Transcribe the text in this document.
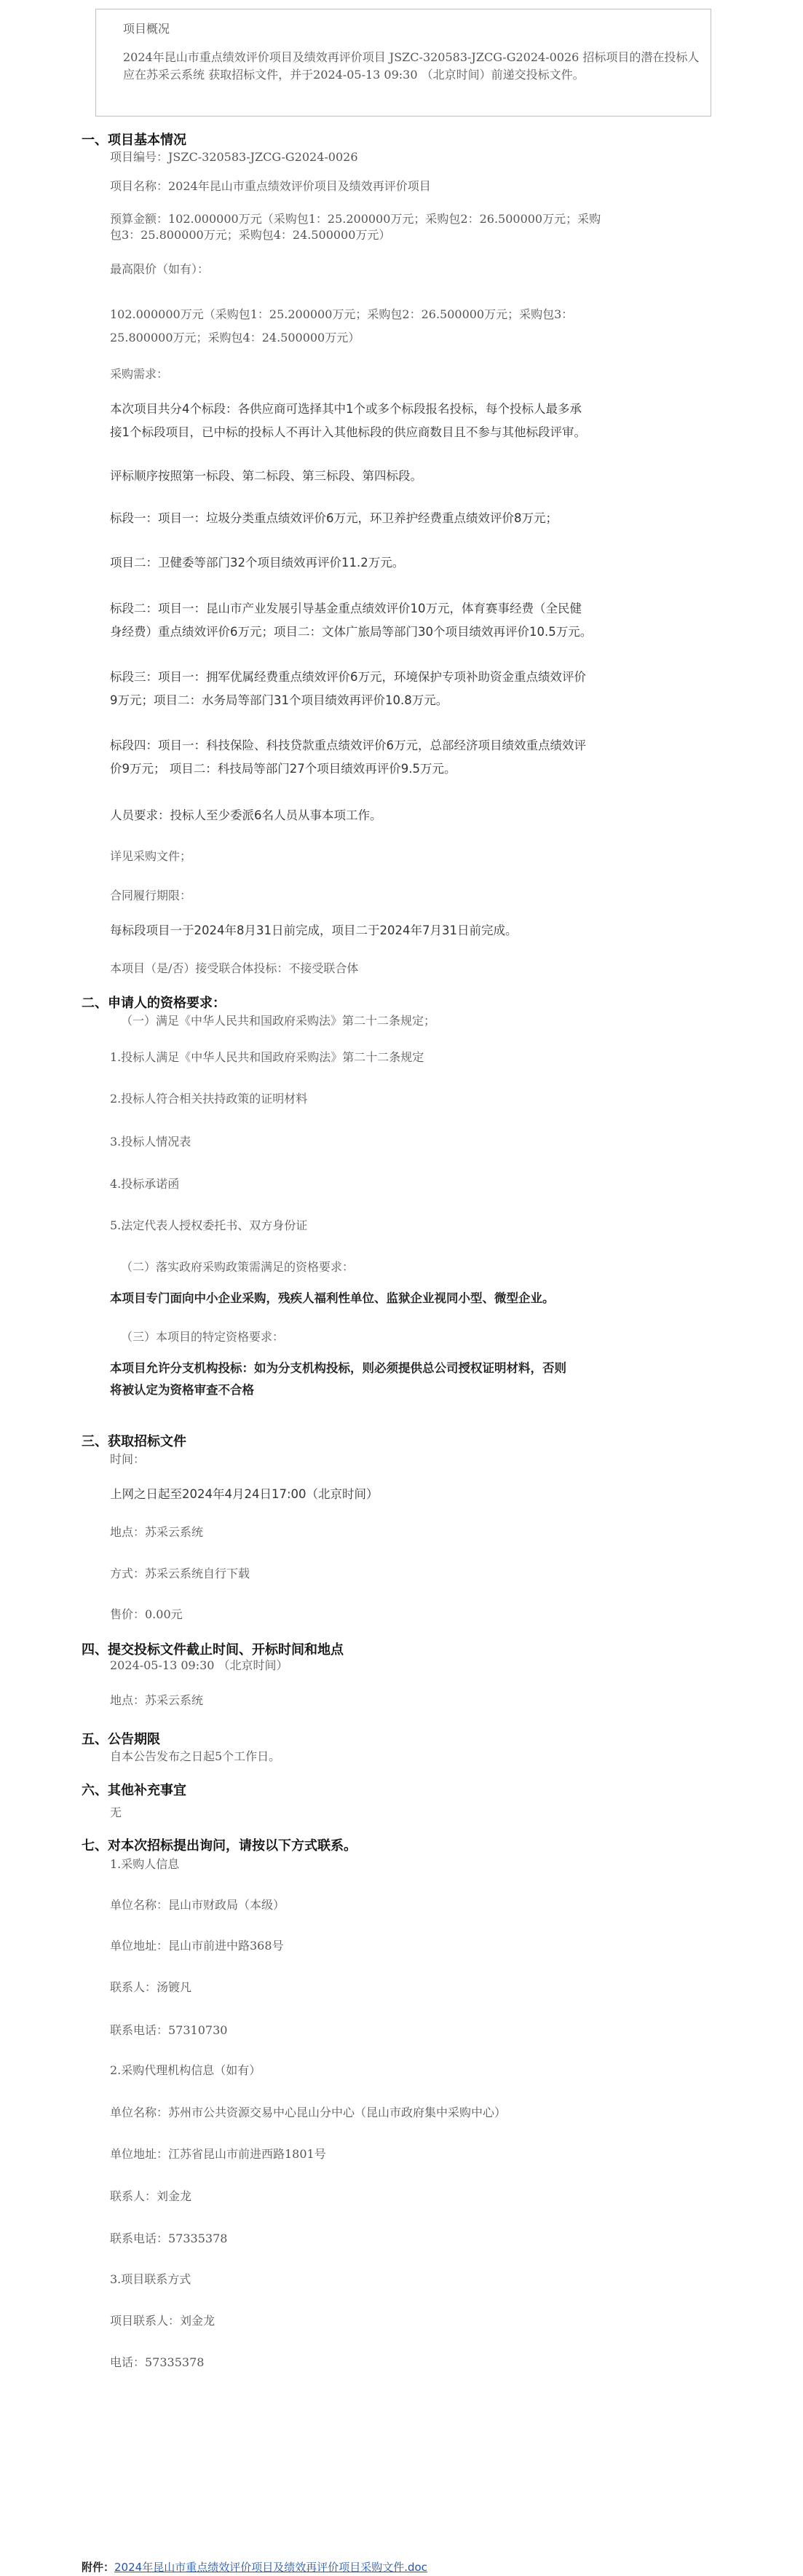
项目概况
2024年昆山市重点绩效评价项目及绩效再评价项目 JSZC-320583-JZCG-G2024-0026 招标项目的潜在投标人应在苏采云系统 获取招标文件，并于2024-05-13 09:30 （北京时间）前递交投标文件。
一、项目基本情况
项目编号：JSZC-320583-JZCG-G2024-0026
项目名称：2024年昆山市重点绩效评价项目及绩效再评价项目
预算金额：102.000000万元（采购包1：25.200000万元；采购包2：26.500000万元；采购
包3：25.800000万元；采购包4：24.500000万元）
最高限价（如有）：
102.000000万元（采购包1：25.200000万元；采购包2：26.500000万元；采购包3：
25.800000万元；采购包4：24.500000万元）
采购需求：
本次项目共分4个标段：各供应商可选择其中1个或多个标段报名投标，每个投标人最多承
接1个标段项目，已中标的投标人不再计入其他标段的供应商数目且不参与其他标段评审。
评标顺序按照第一标段、第二标段、第三标段、第四标段。
标段一：项目一：垃圾分类重点绩效评价6万元，环卫养护经费重点绩效评价8万元；
项目二：卫健委等部门32个项目绩效再评价11.2万元。
标段二：项目一：昆山市产业发展引导基金重点绩效评价10万元，体育赛事经费（全民健
身经费）重点绩效评价6万元；项目二：文体广旅局等部门30个项目绩效再评价10.5万元。
标段三：项目一：拥军优属经费重点绩效评价6万元，环境保护专项补助资金重点绩效评价
9万元；项目二：水务局等部门31个项目绩效再评价10.8万元。
标段四：项目一：科技保险、科技贷款重点绩效评价6万元，总部经济项目绩效重点绩效评
价9万元； 项目二：科技局等部门27个项目绩效再评价9.5万元。
人员要求：投标人至少委派6名人员从事本项工作。
详见采购文件；
合同履行期限：
每标段项目一于2024年8月31日前完成，项目二于2024年7月31日前完成。
本项目（是/否）接受联合体投标：不接受联合体
二、申请人的资格要求：
（一）满足《中华人民共和国政府采购法》第二十二条规定；
1.投标人满足《中华人民共和国政府采购法》第二十二条规定
2.投标人符合相关扶持政策的证明材料
3.投标人情况表
4.投标承诺函
5.法定代表人授权委托书、双方身份证
（二）落实政府采购政策需满足的资格要求：
本项目专门面向中小企业采购，残疾人福利性单位、监狱企业视同小型、微型企业。
（三）本项目的特定资格要求：
本项目允许分支机构投标：如为分支机构投标，则必须提供总公司授权证明材料，否则
将被认定为资格审查不合格
三、获取招标文件
时间：
上网之日起至2024年4月24日17:00（北京时间）
地点：苏采云系统
方式：苏采云系统自行下载
售价：0.00元
四、提交投标文件截止时间、开标时间和地点
2024-05-13 09:30 （北京时间）
地点：苏采云系统
五、公告期限
自本公告发布之日起5个工作日。
六、其他补充事宜
无
七、对本次招标提出询问，请按以下方式联系。
1.采购人信息
单位名称：昆山市财政局（本级）
单位地址：昆山市前进中路368号
联系人：汤镀凡
联系电话：57310730
2.采购代理机构信息（如有）
单位名称：苏州市公共资源交易中心昆山分中心（昆山市政府集中采购中心）
单位地址：江苏省昆山市前进西路1801号
联系人：刘金龙
联系电话：57335378
3.项目联系方式
项目联系人：刘金龙
电话：57335378
附件：2024年昆山市重点绩效评价项目及绩效再评价项目采购文件.doc
